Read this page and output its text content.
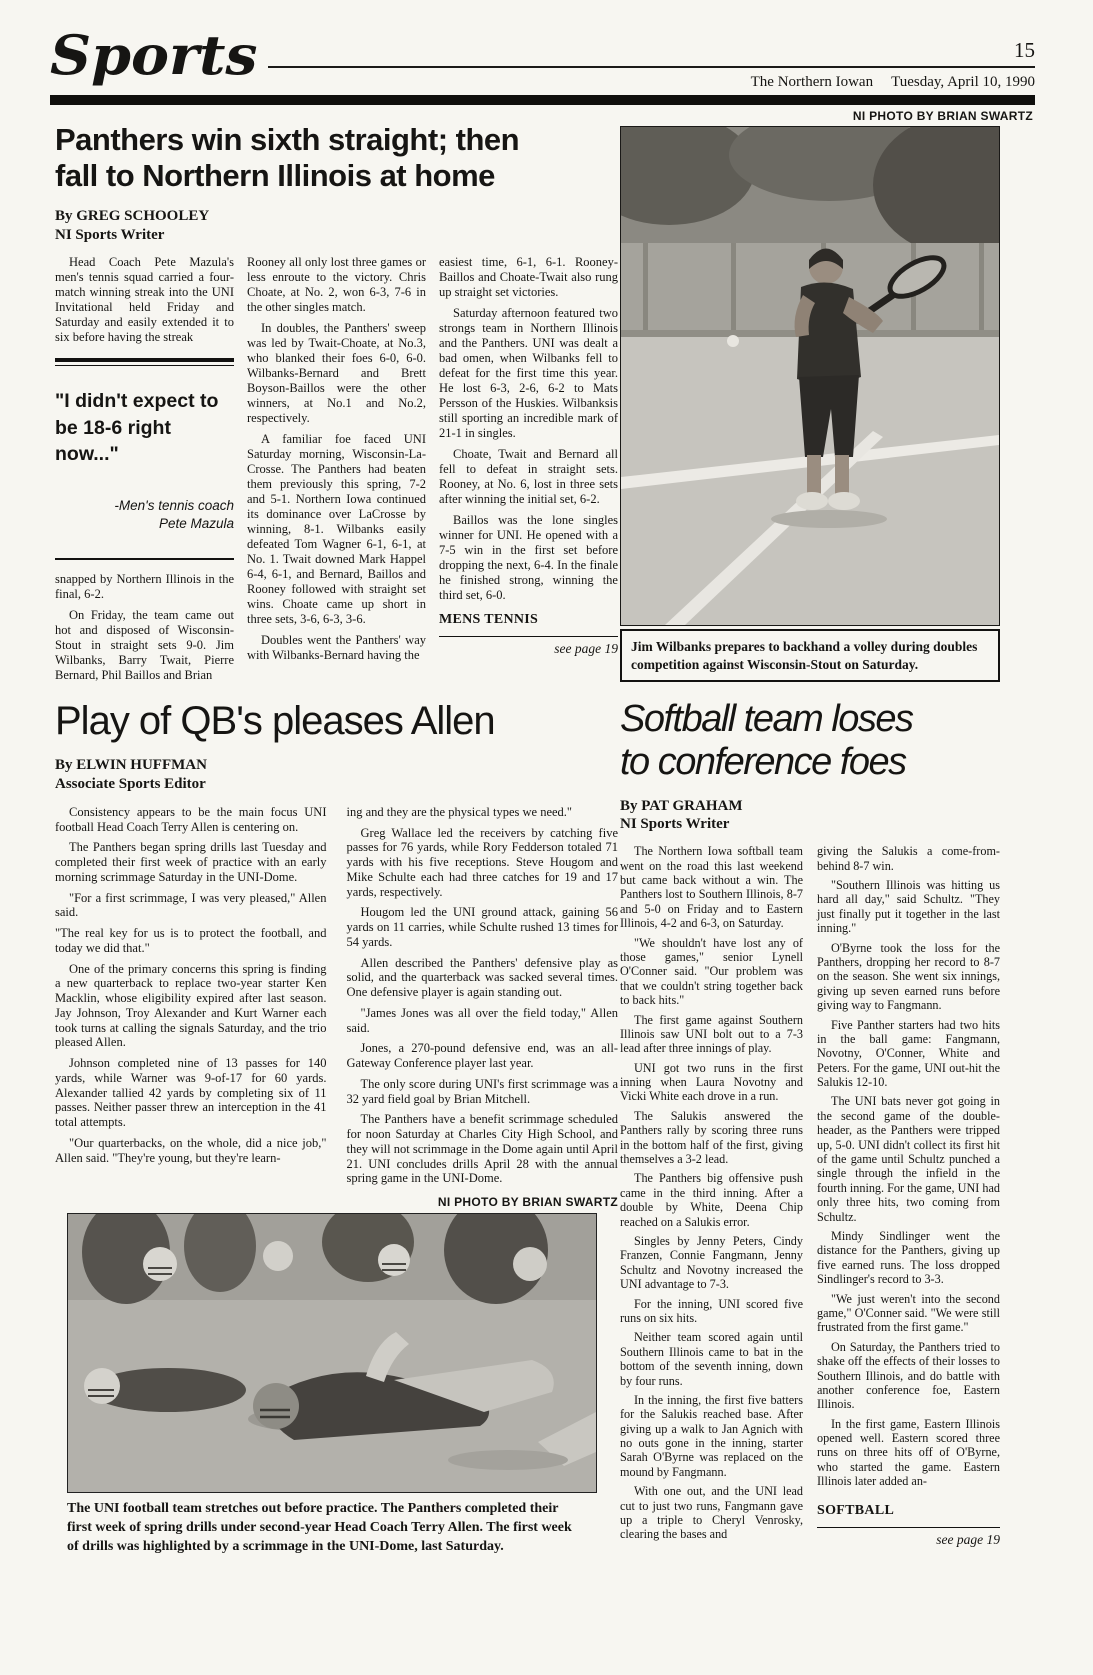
Sports	15
The Northern Iowan Tuesday, April 10, 1990
NI PHOTO BY BRIAN SWARTZ
Panthers win sixth straight; then
fall to Northern Illinois at home
By GREG SCHOOLEY
NI Sports Writer

Head Coach Pete Mazula's men's tennis squad carried a four-match winning streak into the UNI Invitational held Friday and Saturday and easily extended it to six before having the streak

"I didn't expect to be 18-6 right now..."
-Men's tennis coach
Pete Mazula

snapped by Northern Illinois in the final, 6-2.

On Friday, the team came out hot and disposed of Wisconsin-Stout in straight sets 9-0. Jim Wilbanks, Barry Twait, Pierre Bernard, Phil Baillos and Brian

Rooney all only lost three games or less enroute to the victory. Chris Choate, at No. 2, won 6-3, 7-6 in the other singles match.

In doubles, the Panthers' sweep was led by Twait-Choate, at No.3, who blanked their foes 6-0, 6-0. Wilbanks-Bernard and Brett Boyson-Baillos were the other winners, at No.1 and No.2, respectively.

A familiar foe faced UNI Saturday morning, Wisconsin-La-Crosse. The Panthers had beaten them previously this spring, 7-2 and 5-1. Northern Iowa continued its dominance over LaCrosse by winning, 8-1. Wilbanks easily defeated Tom Wagner 6-1, 6-1, at No. 1. Twait downed Mark Happel 6-4, 6-1, and Bernard, Baillos and Rooney followed with straight set wins. Choate came up short in three sets, 3-6, 6-3, 3-6.

Doubles went the Panthers' way with Wilbanks-Bernard having the

easiest time, 6-1, 6-1. Rooney-Baillos and Choate-Twait also rung up straight set victories.

Saturday afternoon featured two strongs team in Northern Illinois and the Panthers. UNI was dealt a bad omen, when Wilbanks fell to defeat for the first time this year. He lost 6-3, 2-6, 6-2 to Mats Persson of the Huskies. Wilbanksis still sporting an incredible mark of 21-1 in singles.

Choate, Twait and Bernard all fell to defeat in straight sets. Rooney, at No. 6, lost in three sets after winning the initial set, 6-2.

Baillos was the lone singles winner for UNI. He opened with a 7-5 win in the first set before dropping the next, 6-4. In the finale he finished strong, winning the third set, 6-0.

MENS TENNIS
see page 19
Play of QB's pleases Allen
By ELWIN HUFFMAN
Associate Sports Editor

Consistency appears to be the main focus UNI football Head Coach Terry Allen is centering on.

The Panthers began spring drills last Tuesday and completed their first week of practice with an early morning scrimmage Saturday in the UNI-Dome.

"For a first scrimmage, I was very pleased," Allen said.

"The real key for us is to protect the football, and today we did that."

One of the primary concerns this spring is finding a new quarterback to replace two-year starter Ken Macklin, whose eligibility expired after last season. Jay Johnson, Troy Alexander and Kurt Warner each took turns at calling the signals Saturday, and the trio pleased Allen.

Johnson completed nine of 13 passes for 140 yards, while Warner was 9-of-17 for 60 yards. Alexander tallied 42 yards by completing six of 11 passes. Neither passer threw an interception in the 41 total attempts.

"Our quarterbacks, on the whole, did a nice job," Allen said. "They're young, but they're learn-

ing and they are the physical types we need."

Greg Wallace led the receivers by catching five passes for 76 yards, while Rory Fedderson totaled 71 yards with his five receptions. Steve Hougom and Mike Schulte each had three catches for 19 and 17 yards, respectively.

Hougom led the UNI ground attack, gaining 56 yards on 11 carries, while Schulte rushed 13 times for 54 yards.

Allen described the Panthers' defensive play as solid, and the quarterback was sacked several times. One defensive player is again standing out.

"James Jones was all over the field today," Allen said.

Jones, a 270-pound defensive end, was an all-Gateway Conference player last year.

The only score during UNI's first scrimmage was a 32 yard field goal by Brian Mitchell.

The Panthers have a benefit scrimmage scheduled for noon Saturday at Charles City High School, and they will not scrimmage in the Dome again until April 21. UNI concludes drills April 28 with the annual spring game in the UNI-Dome.

NI PHOTO BY BRIAN SWARTZ
The UNI football team stretches out before practice. The Panthers completed their first week of spring drills under second-year Head Coach Terry Allen. The first week of drills was highlighted by a scrimmage in the UNI-Dome, last Saturday.
Jim Wilbanks prepares to backhand a volley during doubles competition against Wisconsin-Stout on Saturday.
Softball team loses
to conference foes
By PAT GRAHAM
NI Sports Writer

The Northern Iowa softball team went on the road this last weekend but came back without a win. The Panthers lost to Southern Illinois, 8-7 and 5-0 on Friday and to Eastern Illinois, 4-2 and 6-3, on Saturday.

"We shouldn't have lost any of those games," senior Lynell O'Conner said. "Our problem was that we couldn't string together back to back hits."

The first game against Southern Illinois saw UNI bolt out to a 7-3 lead after three innings of play.

UNI got two runs in the first inning when Laura Novotny and Vicki White each drove in a run.

The Salukis answered the Panthers rally by scoring three runs in the bottom half of the first, giving themselves a 3-2 lead.

The Panthers big offensive push came in the third inning. After a double by White, Deena Chip reached on a Salukis error.

Singles by Jenny Peters, Cindy Franzen, Connie Fangmann, Jenny Schultz and Novotny increased the UNI advantage to 7-3.

For the inning, UNI scored five runs on six hits.

Neither team scored again until Southern Illinois came to bat in the bottom of the seventh inning, down by four runs.

In the inning, the first five batters for the Salukis reached base. After giving up a walk to Jan Agnich with no outs gone in the inning, starter Sarah O'Byrne was replaced on the mound by Fangmann.

With one out, and the UNI lead cut to just two runs, Fangmann gave up a triple to Cheryl Venrosky, clearing the bases and

giving the Salukis a come-from-behind 8-7 win.

"Southern Illinois was hitting us hard all day," said Schultz. "They just finally put it together in the last inning."

O'Byrne took the loss for the Panthers, dropping her record to 8-7 on the season. She went six innings, giving up seven earned runs before giving way to Fangmann.

Five Panther starters had two hits in the ball game: Fangmann, Novotny, O'Conner, White and Peters. For the game, UNI out-hit the Salukis 12-10.

The UNI bats never got going in the second game of the double-header, as the Panthers were tripped up, 5-0. UNI didn't collect its first hit of the game until Schultz punched a single through the infield in the fourth inning. For the game, UNI had only three hits, two coming from Schultz.

Mindy Sindlinger went the distance for the Panthers, giving up five earned runs. The loss dropped Sindlinger's record to 3-3.

"We just weren't into the second game," O'Conner said. "We were still frustrated from the first game."

On Saturday, the Panthers tried to shake off the effects of their losses to Southern Illinois, and do battle with another conference foe, Eastern Illinois.

In the first game, Eastern Illinois opened well. Eastern scored three runs on three hits off of O'Byrne, who started the game. Eastern Illinois later added an-

SOFTBALL
see page 19
